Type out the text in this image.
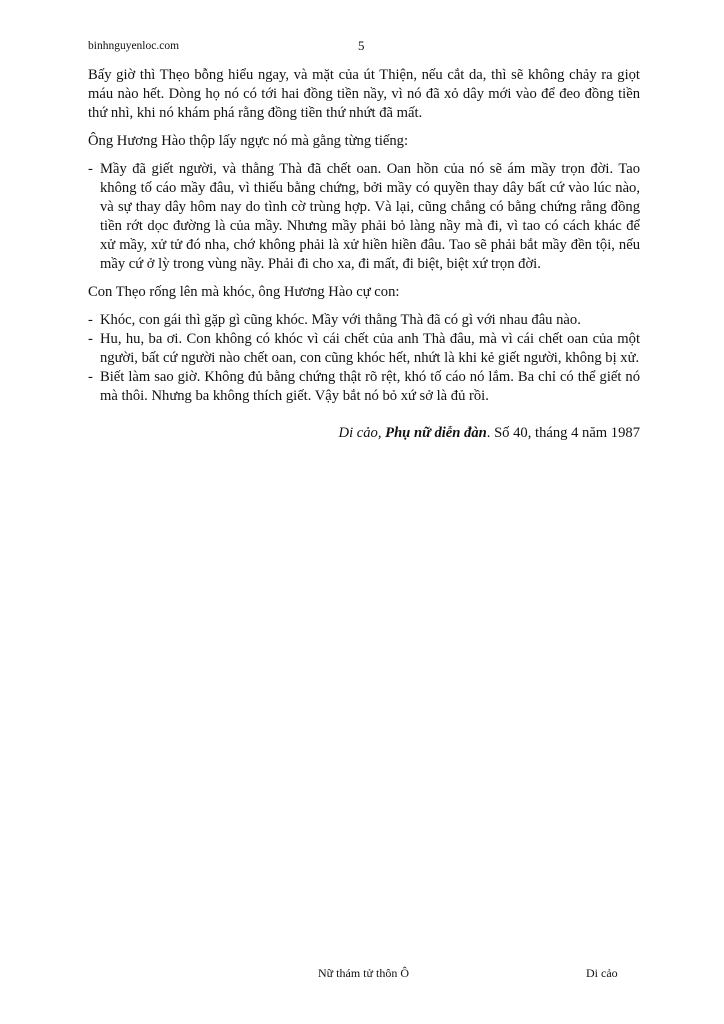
binhnguyenloc.com	5

Bấy giờ thì Thẹo bỗng hiểu ngay, và mặt của út Thiện, nếu cắt da, thì sẽ không chảy ra giọt máu nào hết. Dòng họ nó có tới hai đồng tiền nầy, vì nó đã xỏ dây mới vào để đeo đồng tiền thứ nhì, khi nó khám phá rằng đồng tiền thứ nhứt đã mất.

Ông Hương Hào thộp lấy ngực nó mà gằng từng tiếng:

- Mầy đã giết người, và thằng Thà đã chết oan. Oan hồn của nó sẽ ám mầy trọn đời. Tao không tố cáo mầy đâu, vì thiếu bằng chứng, bởi mầy có quyền thay dây bất cứ vào lúc nào, và sự thay dây hôm nay do tình cờ trùng hợp. Và lại, cũng chẳng có bằng chứng rằng đồng tiền rớt dọc đường là của mầy. Nhưng mầy phải bỏ làng nầy mà đi, vì tao có cách khác để xử mầy, xử tử đó nha, chớ không phải là xử hiền hiền đâu. Tao sẽ phải bắt mầy đền tội, nếu mầy cứ ở lỳ trong vùng nầy. Phải đi cho xa, đi mất, đi biệt, biệt xứ trọn đời.

Con Thẹo rống lên mà khóc, ông Hương Hào cự con:

- Khóc, con gái thì gặp gì cũng khóc. Mầy với thằng Thà đã có gì với nhau đâu nào.
- Hu, hu, ba ơi. Con không có khóc vì cái chết của anh Thà đâu, mà vì cái chết oan của một người, bất cứ người nào chết oan, con cũng khóc hết, nhứt là khi kẻ giết người, không bị xử.
- Biết làm sao giờ. Không đủ bằng chứng thật rõ rệt, khó tố cáo nó lắm. Ba chỉ có thể giết nó mà thôi. Nhưng ba không thích giết. Vậy bắt nó bỏ xứ sở là đủ rồi.
Di cảo, Phụ nữ diễn đàn. Số 40, tháng 4 năm 1987
Nữ thám tử thôn Ô	Di cảo
